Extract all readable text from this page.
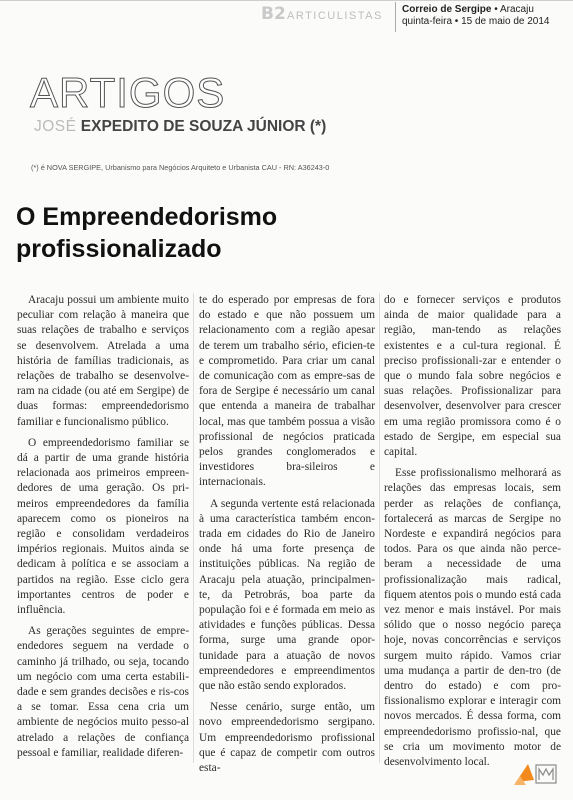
B2 ARTICULISTAS
Correio de Sergipe • Aracaju
quinta-feira • 15 de maio de 2014
ARTIGOS
JOSÉ EXPEDITO DE SOUZA JÚNIOR (*)
(*) é NOVA SERGIPE, Urbanismo para Negócios Arquiteto e Urbanista CAU - RN: A36243-0
O Empreendedorismo
profissionalizado

Aracaju possui um ambiente muito peculiar com relação à maneira que suas relações de trabalho e serviços se desenvolvem. Atrelada a uma história de famílias tradicionais, as relações de trabalho se desenvolve-ram na cidade (ou até em Sergipe) de duas formas: empreendedorismo familiar e funcionalismo público.

O empreendedorismo familiar se dá a partir de uma grande história relacionada aos primeiros empreen-dedores de uma geração. Os pri-meiros empreendedores da família aparecem como os pioneiros na região e consolidam verdadeiros impérios regionais. Muitos ainda se dedicam à política e se associam a partidos na região. Esse ciclo gera importantes centros de poder e influência.

As gerações seguintes de empre-endedores seguem na verdade o caminho já trilhado, ou seja, tocando um negócio com uma certa estabili-dade e sem grandes decisões e ris-cos a se tomar. Essa cena cria um ambiente de negócios muito pesso-al atrelado a relações de confiança pessoal e familiar, realidade diferen-

te do esperado por empresas de fora do estado e que não possuem um relacionamento com a região apesar de terem um trabalho sério, eficien-te e comprometido. Para criar um canal de comunicação com as empre-sas de fora de Sergipe é necessário um canal que entenda a maneira de trabalhar local, mas que também possua a visão profissional de negócios praticada pelos grandes conglomerados e investidores bra-sileiros e internacionais.

A segunda vertente está relacionada à uma característica também encon-trada em cidades do Rio de Janeiro onde há uma forte presença de instituições públicas. Na região de Aracaju pela atuação, principalmen-te, da Petrobrás, boa parte da população foi e é formada em meio as atividades e funções públicas. Dessa forma, surge uma grande opor-tunidade para a atuação de novos empreendedores e empreendimentos que não estão sendo explorados.

Nesse cenário, surge então, um novo empreendedorismo sergipano. Um empreendedorismo profissional que é capaz de competir com outros esta-

do e fornecer serviços e produtos ainda de maior qualidade para a região, man-tendo as relações existentes e a cul-tura regional. É preciso profissionali-zar e entender o que o mundo fala sobre negócios e suas relações. Profissionalizar para desenvolver, desenvolver para crescer em uma região promissora como é o estado de Sergipe, em especial sua capital.

Esse profissionalismo melhorará as relações das empresas locais, sem perder as relações de confiança, fortalecerá as marcas de Sergipe no Nordeste e expandirá negócios para todos. Para os que ainda não perce-beram a necessidade de uma profissionalização mais radical, fiquem atentos pois o mundo está cada vez menor e mais instável. Por mais sólido que o nosso negócio pareça hoje, novas concorrências e serviços surgem muito rápido. Vamos criar uma mudança a partir de den-tro (de dentro do estado) e com pro-fissionalismo explorar e interagir com novos mercados. É dessa forma, com empreendedorismo profissio-nal, que se cria um movimento motor de desenvolvimento local.
